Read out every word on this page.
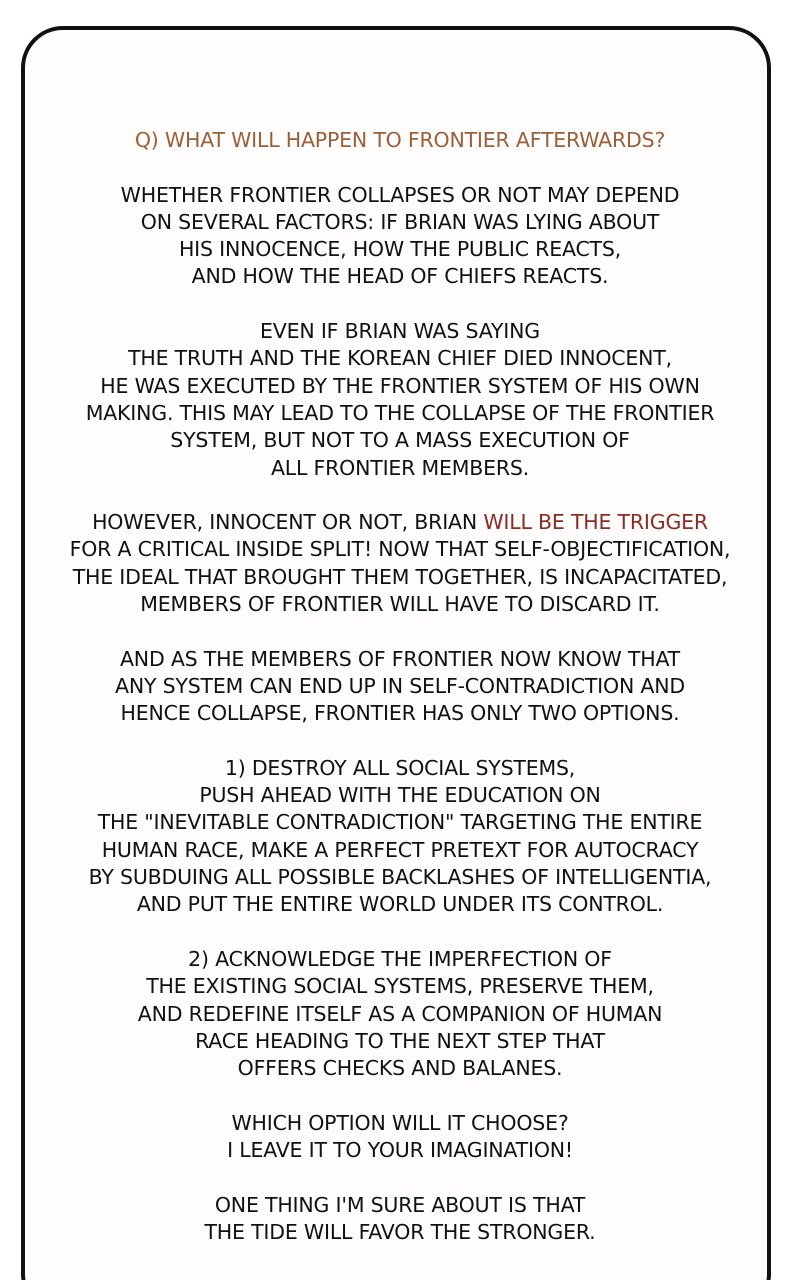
Q) WHAT WILL HAPPEN TO FRONTIER AFTERWARDS?
WHETHER FRONTIER COLLAPSES OR NOT MAY DEPEND
ON SEVERAL FACTORS: IF BRIAN WAS LYING ABOUT
HIS INNOCENCE, HOW THE PUBLIC REACTS,
AND HOW THE HEAD OF CHIEFS REACTS.
EVEN IF BRIAN WAS SAYING
THE TRUTH AND THE KOREAN CHIEF DIED INNOCENT,
HE WAS EXECUTED BY THE FRONTIER SYSTEM OF HIS OWN
MAKING. THIS MAY LEAD TO THE COLLAPSE OF THE FRONTIER
SYSTEM, BUT NOT TO A MASS EXECUTION OF
ALL FRONTIER MEMBERS.
HOWEVER, INNOCENT OR NOT, BRIAN WILL BE THE TRIGGER
FOR A CRITICAL INSIDE SPLIT! NOW THAT SELF-OBJECTIFICATION,
THE IDEAL THAT BROUGHT THEM TOGETHER, IS INCAPACITATED,
MEMBERS OF FRONTIER WILL HAVE TO DISCARD IT.
AND AS THE MEMBERS OF FRONTIER NOW KNOW THAT
ANY SYSTEM CAN END UP IN SELF-CONTRADICTION AND
HENCE COLLAPSE, FRONTIER HAS ONLY TWO OPTIONS.
1) DESTROY ALL SOCIAL SYSTEMS,
PUSH AHEAD WITH THE EDUCATION ON
THE "INEVITABLE CONTRADICTION" TARGETING THE ENTIRE
HUMAN RACE, MAKE A PERFECT PRETEXT FOR AUTOCRACY
BY SUBDUING ALL POSSIBLE BACKLASHES OF INTELLIGENTIA,
AND PUT THE ENTIRE WORLD UNDER ITS CONTROL.
2) ACKNOWLEDGE THE IMPERFECTION OF
THE EXISTING SOCIAL SYSTEMS, PRESERVE THEM,
AND REDEFINE ITSELF AS A COMPANION OF HUMAN
RACE HEADING TO THE NEXT STEP THAT
OFFERS CHECKS AND BALANES.
WHICH OPTION WILL IT CHOOSE?
I LEAVE IT TO YOUR IMAGINATION!
ONE THING I'M SURE ABOUT IS THAT
THE TIDE WILL FAVOR THE STRONGER.
